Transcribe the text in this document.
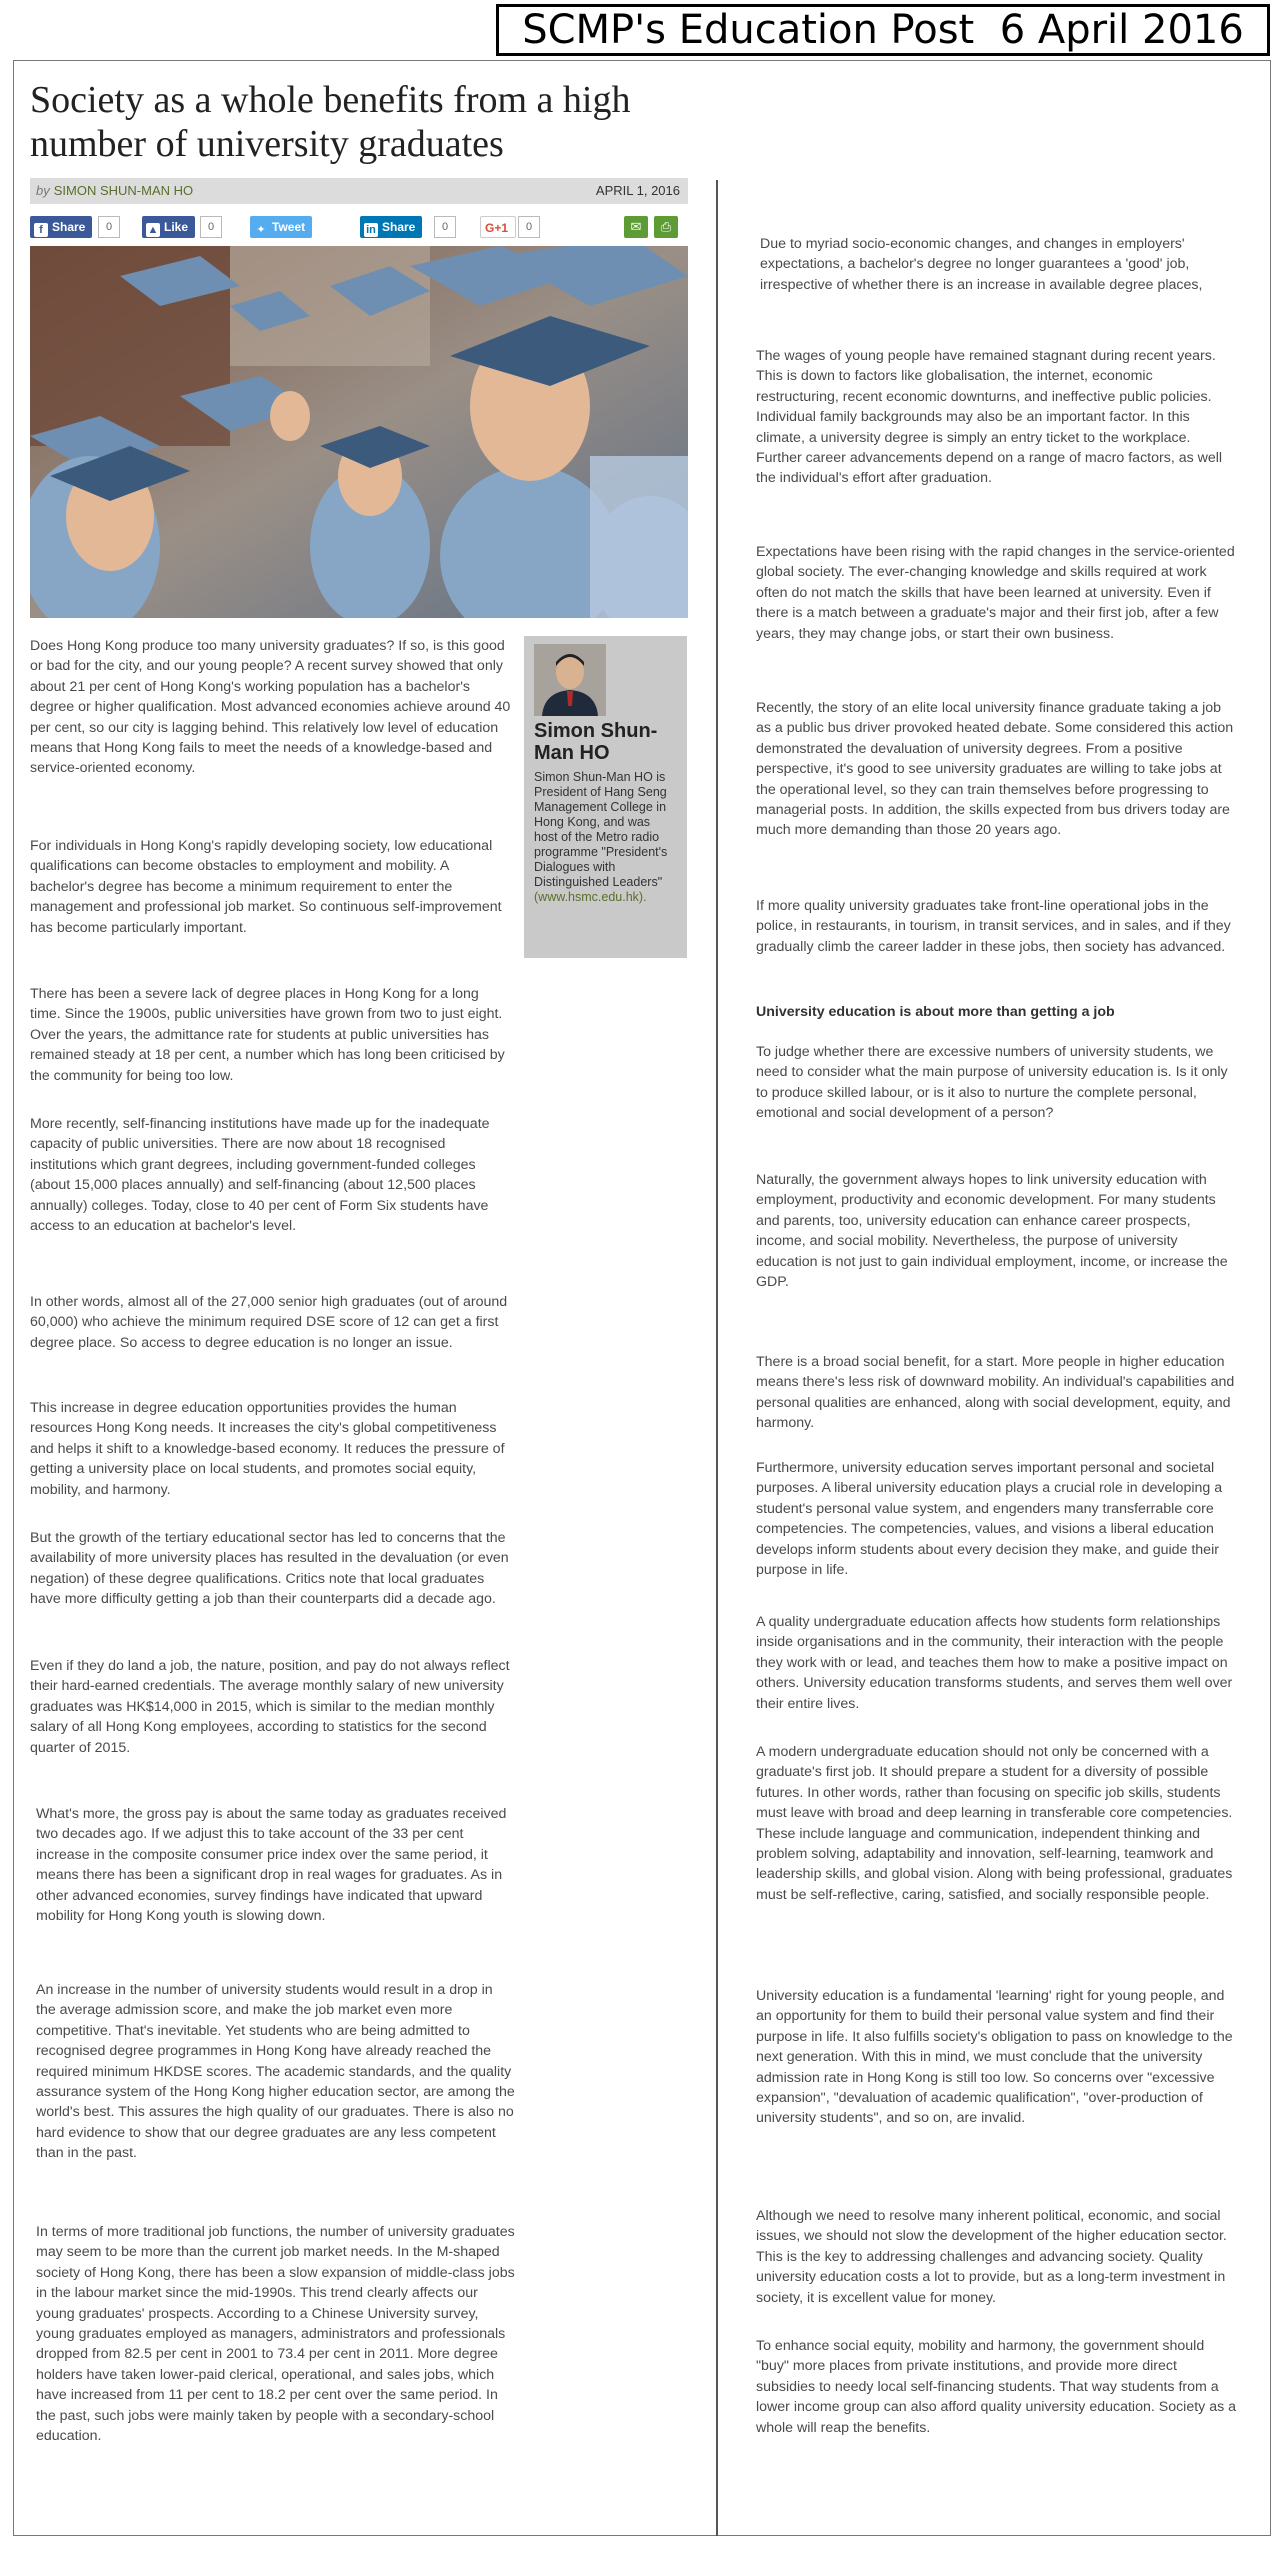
SCMP's Education Post 6 April 2016
Society as a whole benefits from a high number of university graduates
by SIMON SHUN-MAN HO	APRIL 1, 2016
f Share	0	▲ Like	0	✦ Tweet	in Share	0	G+1	0	✉	⎙
Simon Shun-Man HO
Simon Shun-Man HO is President of Hang Seng Management College in Hong Kong, and was host of the Metro radio programme "President's Dialogues with Distinguished Leaders"
(www.hsmc.edu.hk).

Does Hong Kong produce too many university graduates? If so, is this good or bad for the city, and our young people? A recent survey showed that only about 21 per cent of Hong Kong's working population has a bachelor's degree or higher qualification. Most advanced economies achieve around 40 per cent, so our city is lagging behind. This relatively low level of education means that Hong Kong fails to meet the needs of a knowledge-based and service-oriented economy.

For individuals in Hong Kong's rapidly developing society, low educational qualifications can become obstacles to employment and mobility. A bachelor's degree has become a minimum requirement to enter the management and professional job market. So continuous self-improvement has become particularly important.

There has been a severe lack of degree places in Hong Kong for a long time. Since the 1900s, public universities have grown from two to just eight. Over the years, the admittance rate for students at public universities has remained steady at 18 per cent, a number which has long been criticised by the community for being too low.

More recently, self-financing institutions have made up for the inadequate capacity of public universities. There are now about 18 recognised institutions which grant degrees, including government-funded colleges (about 15,000 places annually) and self-financing (about 12,500 places annually) colleges. Today, close to 40 per cent of Form Six students have access to an education at bachelor's level.

In other words, almost all of the 27,000 senior high graduates (out of around 60,000) who achieve the minimum required DSE score of 12 can get a first degree place. So access to degree education is no longer an issue.

This increase in degree education opportunities provides the human resources Hong Kong needs. It increases the city's global competitiveness and helps it shift to a knowledge-based economy. It reduces the pressure of getting a university place on local students, and promotes social equity, mobility, and harmony.

But the growth of the tertiary educational sector has led to concerns that the availability of more university places has resulted in the devaluation (or even negation) of these degree qualifications. Critics note that local graduates have more difficulty getting a job than their counterparts did a decade ago.

Even if they do land a job, the nature, position, and pay do not always reflect their hard-earned credentials. The average monthly salary of new university graduates was HK$14,000 in 2015, which is similar to the median monthly salary of all Hong Kong employees, according to statistics for the second quarter of 2015.

What's more, the gross pay is about the same today as graduates received two decades ago. If we adjust this to take account of the 33 per cent increase in the composite consumer price index over the same period, it means there has been a significant drop in real wages for graduates. As in other advanced economies, survey findings have indicated that upward mobility for Hong Kong youth is slowing down.

An increase in the number of university students would result in a drop in the average admission score, and make the job market even more competitive. That's inevitable. Yet students who are being admitted to recognised degree programmes in Hong Kong have already reached the required minimum HKDSE scores. The academic standards, and the quality assurance system of the Hong Kong higher education sector, are among the world's best. This assures the high quality of our graduates. There is also no hard evidence to show that our degree graduates are any less competent than in the past.

In terms of more traditional job functions, the number of university graduates may seem to be more than the current job market needs. In the M-shaped society of Hong Kong, there has been a slow expansion of middle-class jobs in the labour market since the mid-1990s. This trend clearly affects our young graduates' prospects. According to a Chinese University survey, young graduates employed as managers, administrators and professionals dropped from 82.5 per cent in 2001 to 73.4 per cent in 2011. More degree holders have taken lower-paid clerical, operational, and sales jobs, which have increased from 11 per cent to 18.2 per cent over the same period. In the past, such jobs were mainly taken by people with a secondary-school education.

Due to myriad socio-economic changes, and changes in employers' expectations, a bachelor's degree no longer guarantees a 'good' job, irrespective of whether there is an increase in available degree places,

The wages of young people have remained stagnant during recent years. This is down to factors like globalisation, the internet, economic restructuring, recent economic downturns, and ineffective public policies. Individual family backgrounds may also be an important factor. In this climate, a university degree is simply an entry ticket to the workplace. Further career advancements depend on a range of macro factors, as well the individual's effort after graduation.

Expectations have been rising with the rapid changes in the service-oriented global society. The ever-changing knowledge and skills required at work often do not match the skills that have been learned at university. Even if there is a match between a graduate's major and their first job, after a few years, they may change jobs, or start their own business.

Recently, the story of an elite local university finance graduate taking a job as a public bus driver provoked heated debate. Some considered this action demonstrated the devaluation of university degrees. From a positive perspective, it's good to see university graduates are willing to take jobs at the operational level, so they can train themselves before progressing to managerial posts. In addition, the skills expected from bus drivers today are much more demanding than those 20 years ago.

If more quality university graduates take front-line operational jobs in the police, in restaurants, in tourism, in transit services, and in sales, and if they gradually climb the career ladder in these jobs, then society has advanced.

University education is about more than getting a job

To judge whether there are excessive numbers of university students, we need to consider what the main purpose of university education is. Is it only to produce skilled labour, or is it also to nurture the complete personal, emotional and social development of a person?

Naturally, the government always hopes to link university education with employment, productivity and economic development. For many students and parents, too, university education can enhance career prospects, income, and social mobility. Nevertheless, the purpose of university education is not just to gain individual employment, income, or increase the GDP.

There is a broad social benefit, for a start. More people in higher education means there's less risk of downward mobility. An individual's capabilities and personal qualities are enhanced, along with social development, equity, and harmony.

Furthermore, university education serves important personal and societal purposes. A liberal university education plays a crucial role in developing a student's personal value system, and engenders many transferrable core competencies. The competencies, values, and visions a liberal education develops inform students about every decision they make, and guide their purpose in life.

A quality undergraduate education affects how students form relationships inside organisations and in the community, their interaction with the people they work with or lead, and teaches them how to make a positive impact on others. University education transforms students, and serves them well over their entire lives.

A modern undergraduate education should not only be concerned with a graduate's first job. It should prepare a student for a diversity of possible futures. In other words, rather than focusing on specific job skills, students must leave with broad and deep learning in transferable core competencies. These include language and communication, independent thinking and problem solving, adaptability and innovation, self-learning, teamwork and leadership skills, and global vision. Along with being professional, graduates must be self-reflective, caring, satisfied, and socially responsible people.

University education is a fundamental 'learning' right for young people, and an opportunity for them to build their personal value system and find their purpose in life. It also fulfills society's obligation to pass on knowledge to the next generation. With this in mind, we must conclude that the university admission rate in Hong Kong is still too low. So concerns over "excessive expansion", "devaluation of academic qualification", "over-production of university students", and so on, are invalid.

Although we need to resolve many inherent political, economic, and social issues, we should not slow the development of the higher education sector. This is the key to addressing challenges and advancing society. Quality university education costs a lot to provide, but as a long-term investment in society, it is excellent value for money.

To enhance social equity, mobility and harmony, the government should "buy" more places from private institutions, and provide more direct subsidies to needy local self-financing students. That way students from a lower income group can also afford quality university education. Society as a whole will reap the benefits.
